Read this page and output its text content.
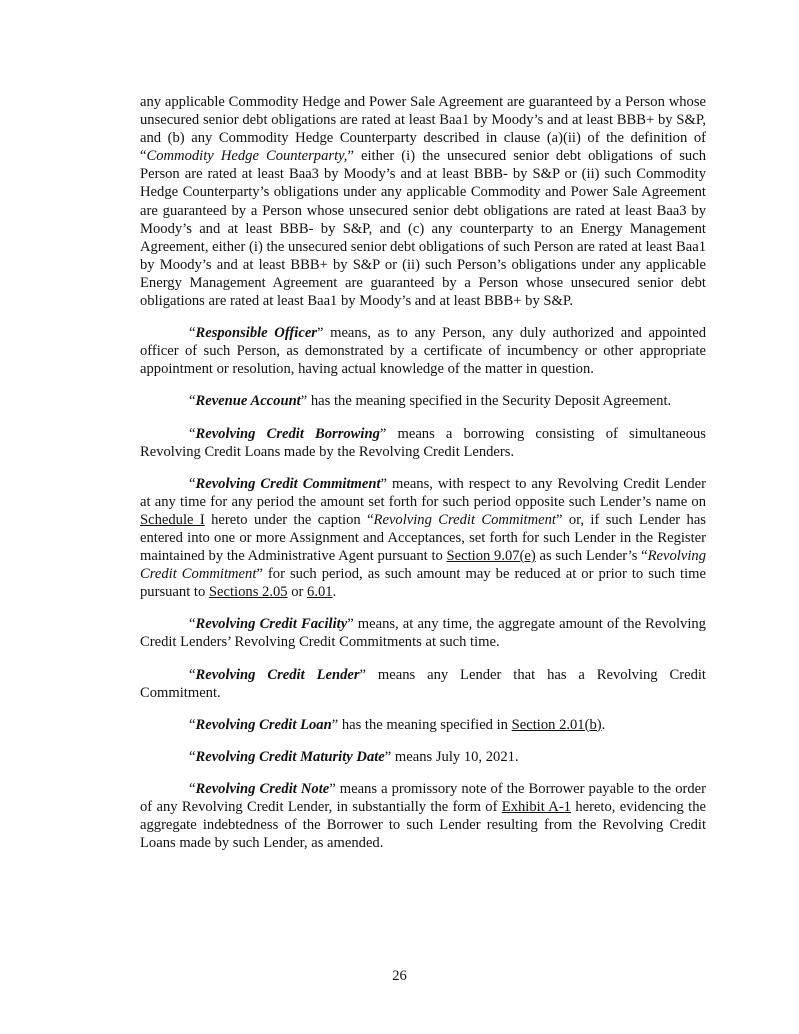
any applicable Commodity Hedge and Power Sale Agreement are guaranteed by a Person whose unsecured senior debt obligations are rated at least Baa1 by Moody’s and at least BBB+ by S&P, and (b) any Commodity Hedge Counterparty described in clause (a)(ii) of the definition of “Commodity Hedge Counterparty,” either (i) the unsecured senior debt obligations of such Person are rated at least Baa3 by Moody’s and at least BBB- by S&P or (ii) such Commodity Hedge Counterparty’s obligations under any applicable Commodity and Power Sale Agreement are guaranteed by a Person whose unsecured senior debt obligations are rated at least Baa3 by Moody’s and at least BBB- by S&P, and (c) any counterparty to an Energy Management Agreement, either (i) the unsecured senior debt obligations of such Person are rated at least Baa1 by Moody’s and at least BBB+ by S&P or (ii) such Person’s obligations under any applicable Energy Management Agreement are guaranteed by a Person whose unsecured senior debt obligations are rated at least Baa1 by Moody’s and at least BBB+ by S&P.

“Responsible Officer” means, as to any Person, any duly authorized and appointed officer of such Person, as demonstrated by a certificate of incumbency or other appropriate appointment or resolution, having actual knowledge of the matter in question.

“Revenue Account” has the meaning specified in the Security Deposit Agreement.

“Revolving Credit Borrowing” means a borrowing consisting of simultaneous Revolving Credit Loans made by the Revolving Credit Lenders.

“Revolving Credit Commitment” means, with respect to any Revolving Credit Lender at any time for any period the amount set forth for such period opposite such Lender’s name on Schedule I hereto under the caption “Revolving Credit Commitment” or, if such Lender has entered into one or more Assignment and Acceptances, set forth for such Lender in the Register maintained by the Administrative Agent pursuant to Section 9.07(e) as such Lender’s “Revolving Credit Commitment” for such period, as such amount may be reduced at or prior to such time pursuant to Sections 2.05 or 6.01.

“Revolving Credit Facility” means, at any time, the aggregate amount of the Revolving Credit Lenders’ Revolving Credit Commitments at such time.

“Revolving Credit Lender” means any Lender that has a Revolving Credit Commitment.

“Revolving Credit Loan” has the meaning specified in Section 2.01(b).

“Revolving Credit Maturity Date” means July 10, 2021.

“Revolving Credit Note” means a promissory note of the Borrower payable to the order of any Revolving Credit Lender, in substantially the form of Exhibit A-1 hereto, evidencing the aggregate indebtedness of the Borrower to such Lender resulting from the Revolving Credit Loans made by such Lender, as amended.

26
